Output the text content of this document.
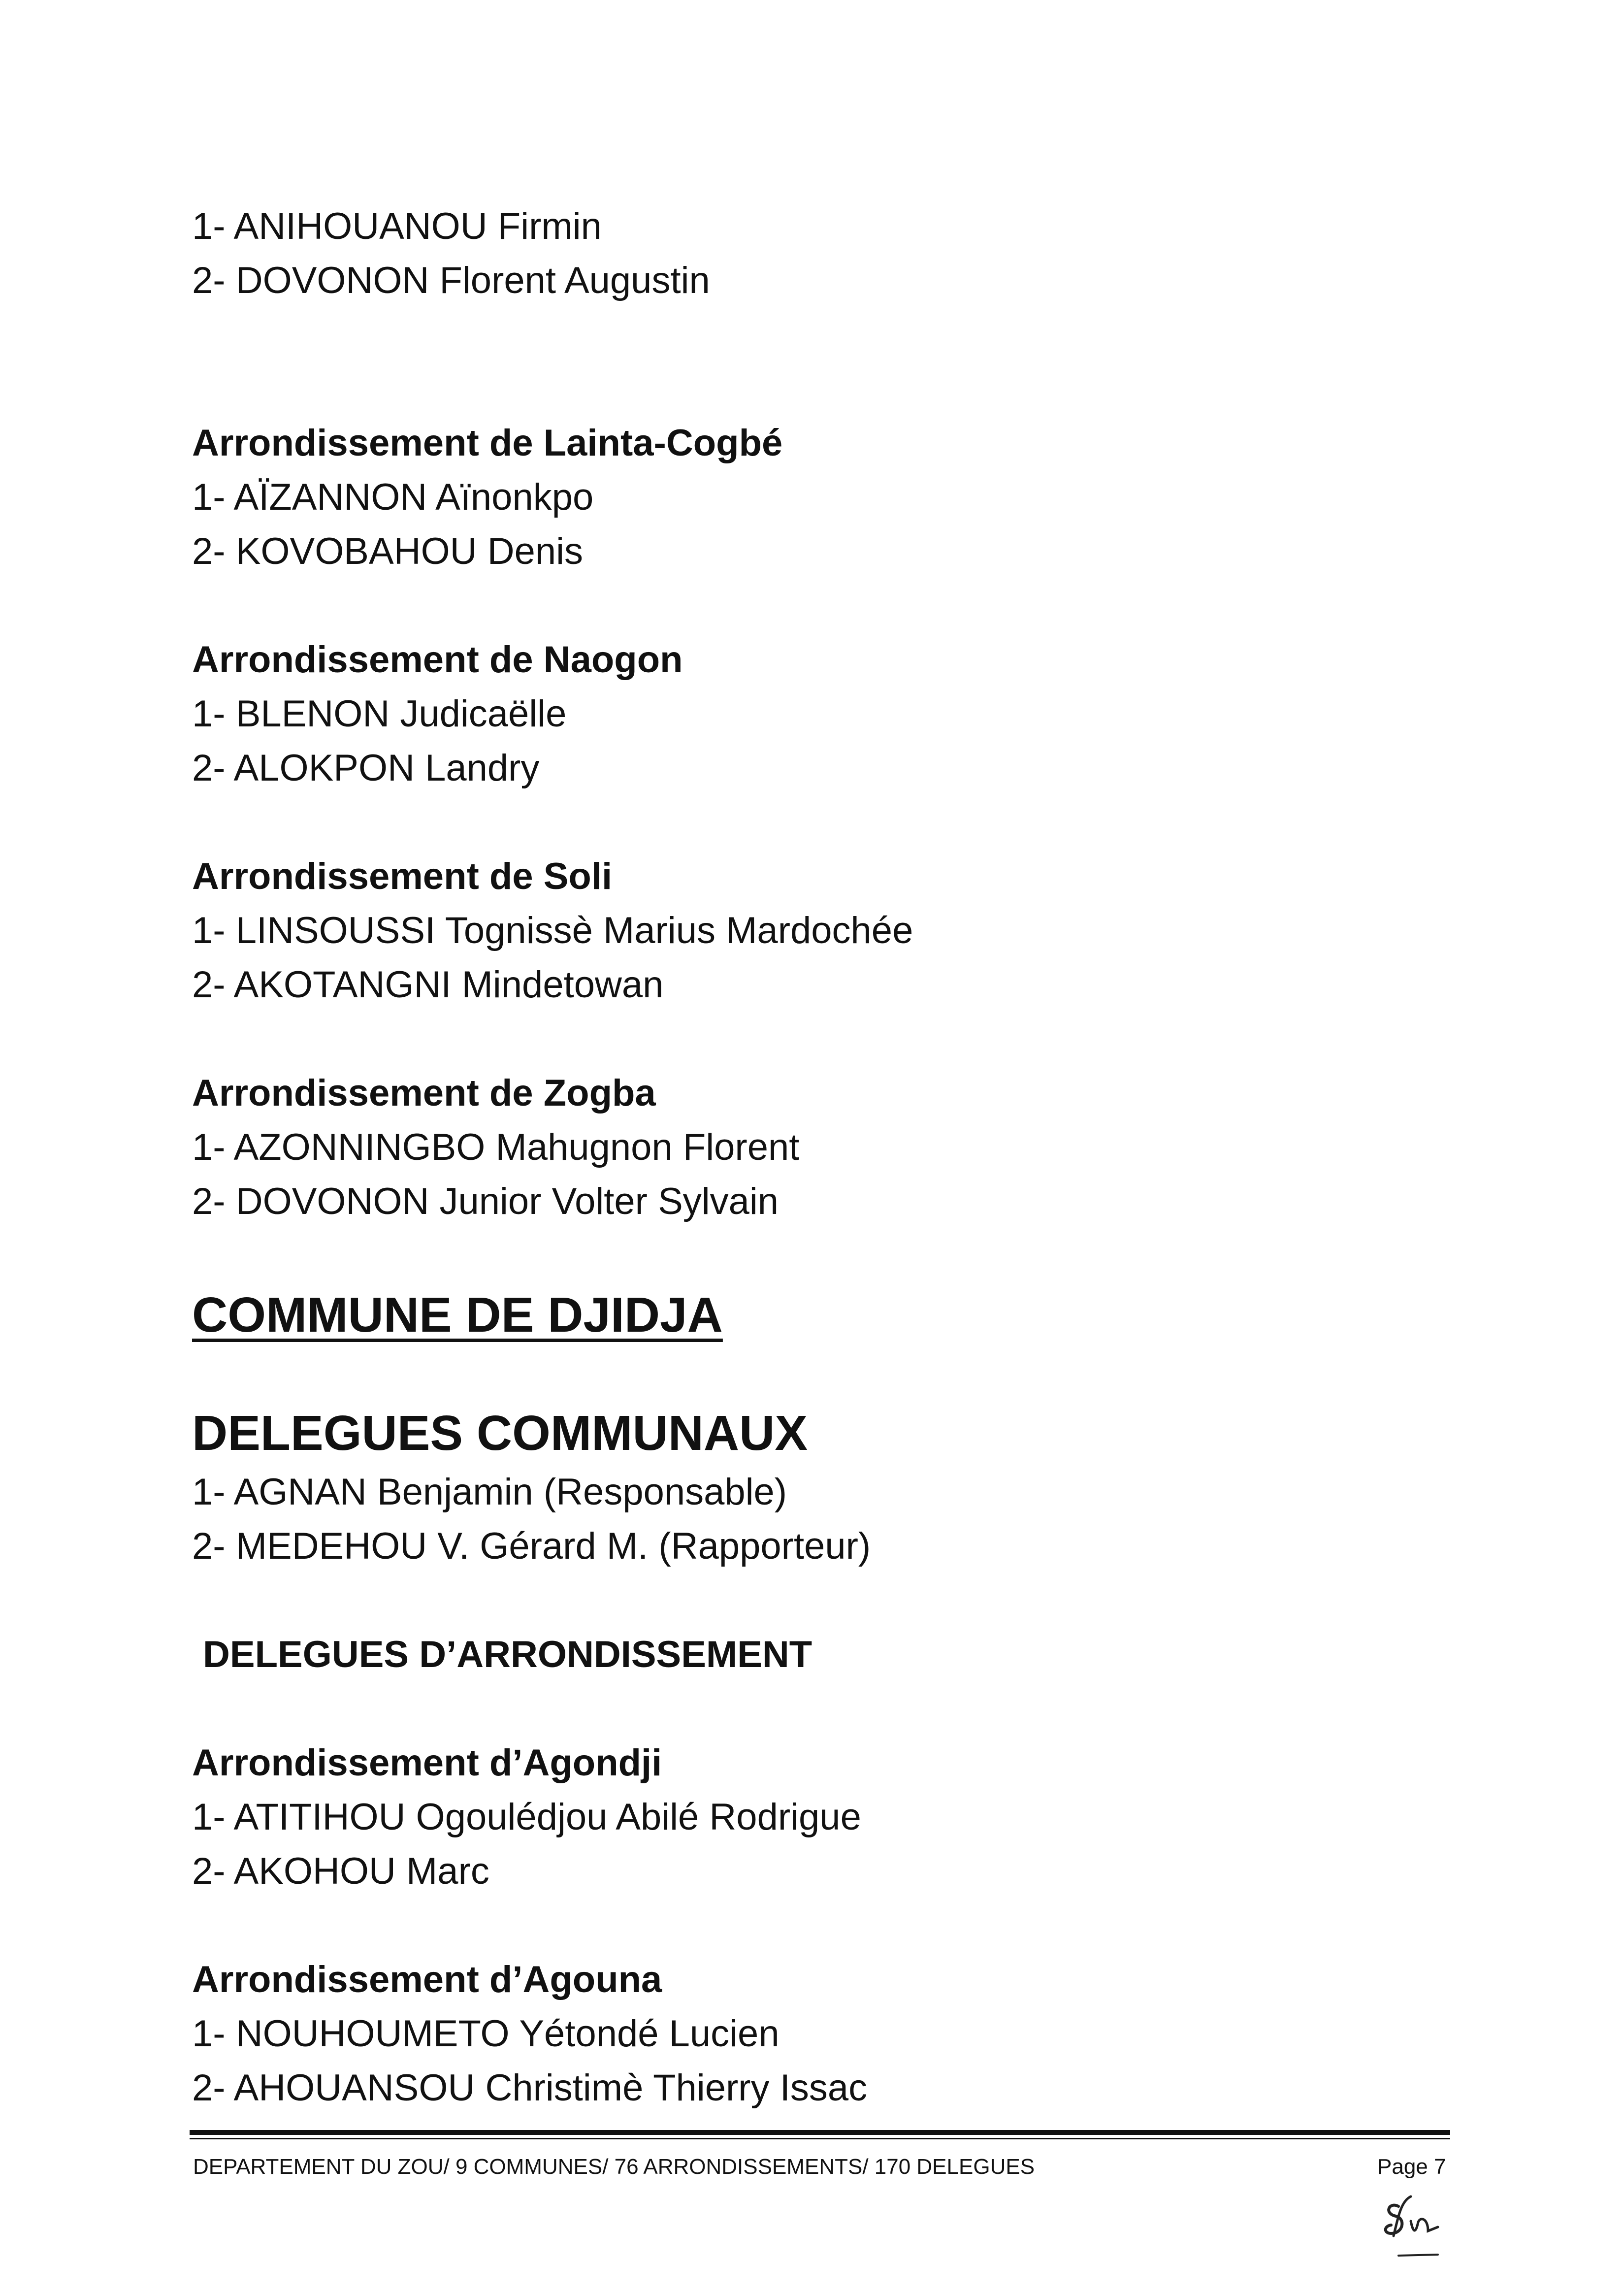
1- ANIHOUANOU Firmin
2- DOVONON Florent Augustin
Arrondissement de Lainta-Cogbé
1- AÏZANNON Aïnonkpo
2- KOVOBAHOU Denis
Arrondissement de Naogon
1- BLENON Judicaëlle
2- ALOKPON Landry
Arrondissement de Soli
1- LINSOUSSI Tognissè Marius Mardochée
2- AKOTANGNI Mindetowan
Arrondissement de Zogba
1- AZONNINGBO Mahugnon Florent
2- DOVONON Junior Volter Sylvain
COMMUNE DE DJIDJA
DELEGUES COMMUNAUX
1- AGNAN Benjamin (Responsable)
2- MEDEHOU V. Gérard M. (Rapporteur)
DELEGUES D’ARRONDISSEMENT
Arrondissement d’Agondji
1- ATITIHOU Ogoulédjou Abilé Rodrigue
2- AKOHOU Marc
Arrondissement d’Agouna
1- NOUHOUMETO Yétondé Lucien
2- AHOUANSOU Christimè Thierry Issac
DEPARTEMENT DU ZOU/ 9 COMMUNES/ 76 ARRONDISSEMENTS/ 170 DELEGUES	Page 7
